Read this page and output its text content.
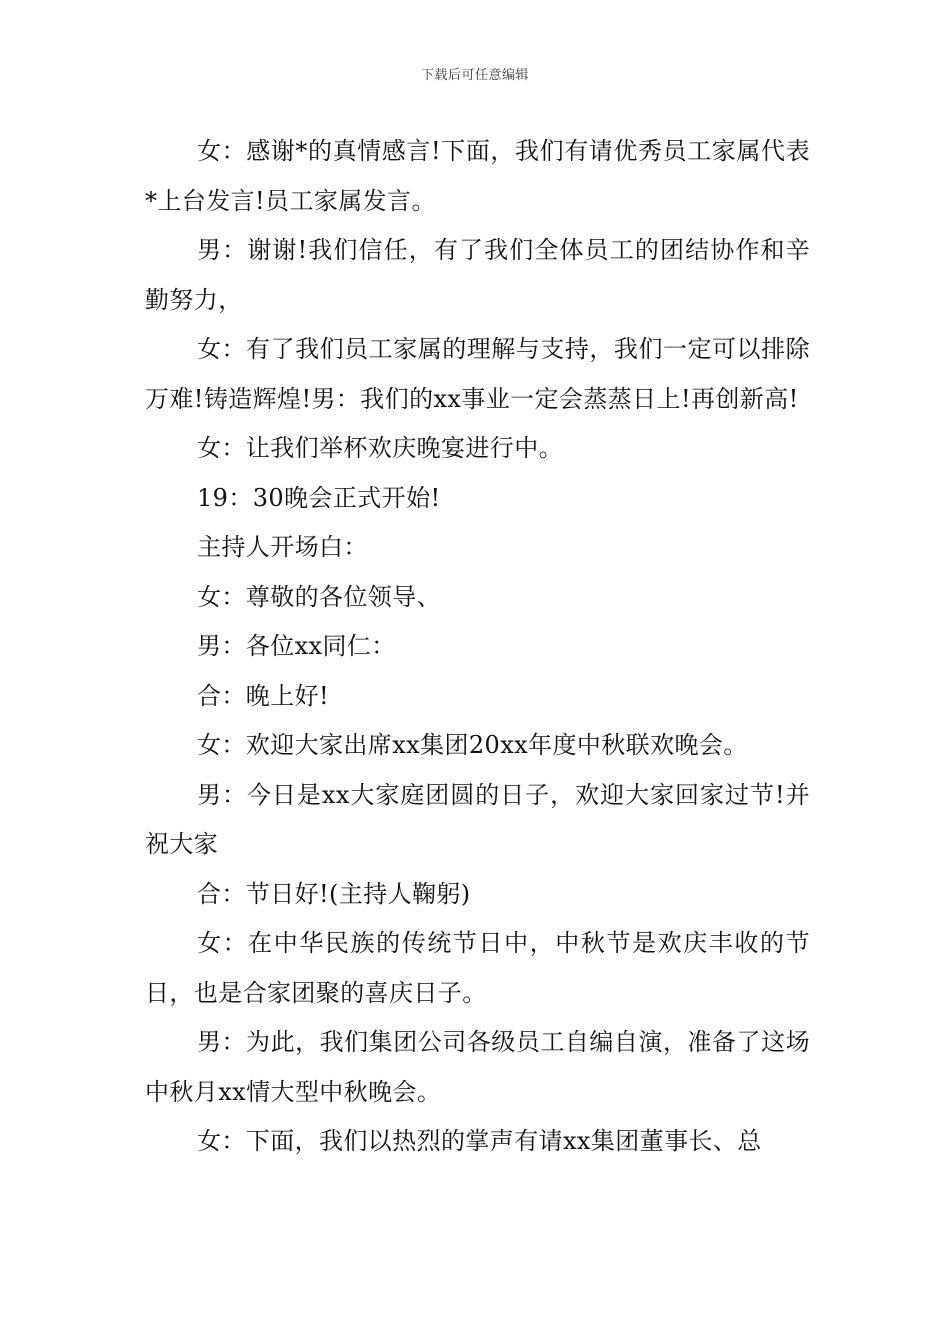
下载后可任意编辑

女：感谢*的真情感言!下面，我们有请优秀员工家属代表*上台发言!员工家属发言。

男：谢谢!我们信任，有了我们全体员工的团结协作和辛勤努力，

女：有了我们员工家属的理解与支持，我们一定可以排除万难!铸造辉煌!男：我们的xx事业一定会蒸蒸日上!再创新高!

女：让我们举杯欢庆晚宴进行中。

19：30晚会正式开始!

主持人开场白：

女：尊敬的各位领导、

男：各位xx同仁：

合：晚上好!

女：欢迎大家出席xx集团20xx年度中秋联欢晚会。

男：今日是xx大家庭团圆的日子，欢迎大家回家过节!并祝大家

合：节日好!(主持人鞠躬)

女：在中华民族的传统节日中，中秋节是欢庆丰收的节日，也是合家团聚的喜庆日子。

男：为此，我们集团公司各级员工自编自演，准备了这场中秋月xx情大型中秋晚会。

女：下面，我们以热烈的掌声有请xx集团董事长、总
